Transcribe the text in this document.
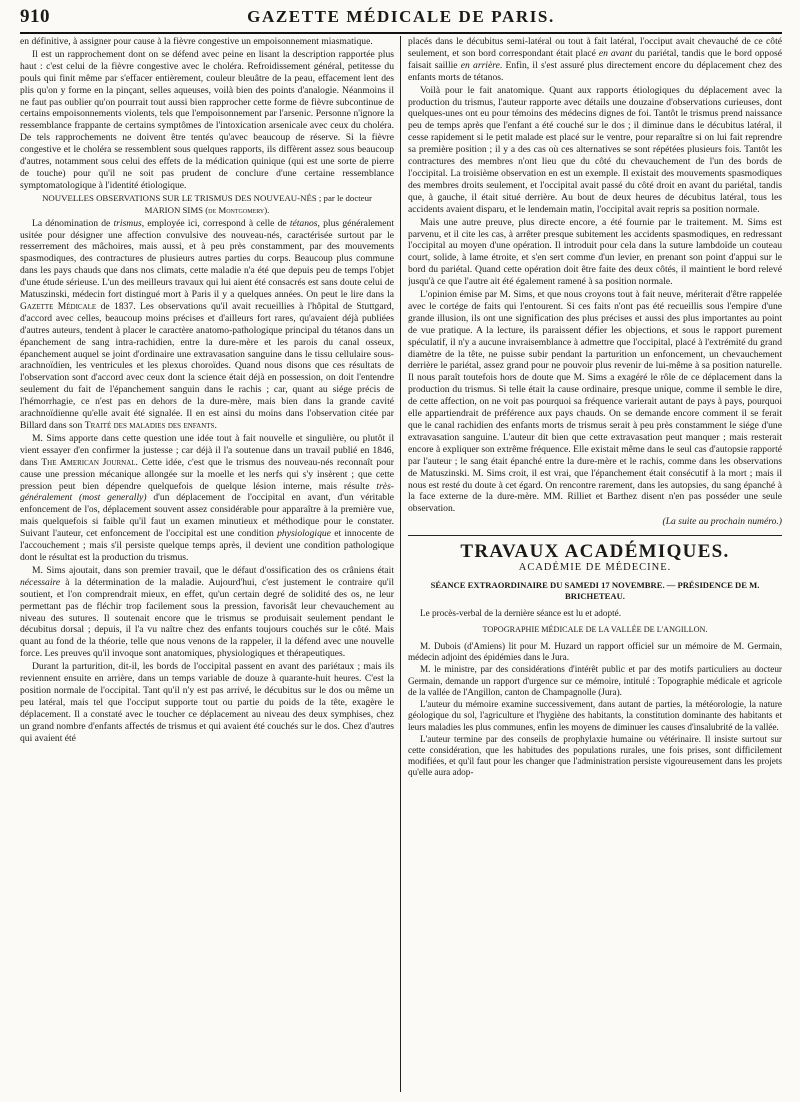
910	GAZETTE MÉDICALE DE PARIS.

en définitive, à assigner pour cause à la fièvre congestive un empoisonnement miasmatique.

Il est un rapprochement dont on se défend avec peine en lisant la description rapportée plus haut : c'est celui de la fièvre congestive avec le choléra. Refroidissement général, petitesse du pouls qui finit même par s'effacer entièrement, couleur bleuâtre de la peau, effacement lent des plis qu'on y forme en la pinçant, selles aqueuses, voilà bien des points d'analogie. Néanmoins il ne faut pas oublier qu'on pourrait tout aussi bien rapprocher cette forme de fièvre subcontinue de certains empoisonnements violents, tels que l'empoisonnement par l'arsenic. Personne n'ignore la ressemblance frappante de certains symptômes de l'intoxication arsenicale avec ceux du choléra. De tels rapprochements ne doivent être tentés qu'avec beaucoup de réserve. Si la fièvre congestive et le choléra se ressemblent sous quelques rapports, ils diffèrent assez sous beaucoup d'autres, notamment sous celui des effets de la médication quinique (qui est une sorte de pierre de touche) pour qu'il ne soit pas prudent de conclure d'une certaine ressemblance symptomatologique à l'identité étiologique.

NOUVELLES OBSERVATIONS SUR LE TRISMUS DES NOUVEAU-NÉS ; par le docteur
MARION SIMS (de Montgomery).

La dénomination de trismus, employée ici, correspond à celle de tétanos, plus généralement usitée pour désigner une affection convulsive des nouveau-nés, caractérisée surtout par le resserrement des mâchoires, mais aussi, et à peu près constamment, par des mouvements spasmodiques, des contractures de plusieurs autres parties du corps. Beaucoup plus commune dans les pays chauds que dans nos climats, cette maladie n'a été que depuis peu de temps l'objet d'une étude sérieuse. L'un des meilleurs travaux qui lui aient été consacrés est sans doute celui de Matuszinski, médecin fort distingué mort à Paris il y a quelques années. On peut le lire dans la Gazette Médicale de 1837. Les observations qu'il avait recueillies à l'hôpital de Stuttgard, d'accord avec celles, beaucoup moins précises et d'ailleurs fort rares, qu'avaient déjà publiées d'autres auteurs, tendent à placer le caractère anatomo-pathologique principal du tétanos dans un épanchement de sang intra-rachidien, entre la dure-mère et les parois du canal osseux, épanchement auquel se joint d'ordinaire une extravasation sanguine dans le tissu cellulaire sous-arachnoïdien, les ventricules et les plexus choroïdes. Quand nous disons que ces résultats de l'observation sont d'accord avec ceux dont la science était déjà en possession, on doit l'entendre seulement du fait de l'épanchement sanguin dans le rachis ; car, quant au siége précis de l'hémorrhagie, ce n'est pas en dehors de la dure-mère, mais bien dans la grande cavité arachnoïdienne qu'elle avait été signalée. Il en est ainsi du moins dans l'observation citée par Billard dans son Traité des maladies des enfants.

M. Sims apporte dans cette question une idée tout à fait nouvelle et singulière, ou plutôt il vient essayer d'en confirmer la justesse ; car déjà il l'a soutenue dans un travail publié en 1846, dans The American Journal. Cette idée, c'est que le trismus des nouveau-nés reconnaît pour cause une pression mécanique allongée sur la moelle et les nerfs qui s'y insèrent ; que cette pression peut bien dépendre quelquefois de quelque lésion interne, mais résulte très-généralement (most generally) d'un déplacement de l'occipital en avant, d'un véritable enfoncement de l'os, déplacement souvent assez considérable pour apparaître à la première vue, mais quelquefois si faible qu'il faut un examen minutieux et méthodique pour le constater. Suivant l'auteur, cet enfoncement de l'occipital est une condition physiologique et innocente de l'accouchement ; mais s'il persiste quelque temps après, il devient une condition pathologique dont le résultat est la production du trismus.

M. Sims ajoutait, dans son premier travail, que le défaut d'ossification des os crâniens était nécessaire à la détermination de la maladie. Aujourd'hui, c'est justement le contraire qu'il soutient, et l'on comprendrait mieux, en effet, qu'un certain degré de solidité des os, ne leur permettant pas de fléchir trop facilement sous la pression, favorisât leur chevauchement au niveau des sutures. Il soutenait encore que le trismus se produisait seulement pendant le décubitus dorsal ; depuis, il l'a vu naître chez des enfants toujours couchés sur le côté. Mais quant au fond de la théorie, telle que nous venons de la rappeler, il la défend avec une nouvelle force. Les preuves qu'il invoque sont anatomiques, physiologiques et thérapeutiques.

Durant la parturition, dit-il, les bords de l'occipital passent en avant des pariétaux ; mais ils reviennent ensuite en arrière, dans un temps variable de douze à quarante-huit heures. C'est la position normale de l'occipital. Tant qu'il n'y est pas arrivé, le décubitus sur le dos ou même un peu latéral, mais tel que l'occiput supporte tout ou partie du poids de la tête, exagère le déplacement. Il a constaté avec le toucher ce déplacement au niveau des deux symphises, chez un grand nombre d'enfants affectés de trismus et qui avaient été couchés sur le dos. Chez d'autres qui avaient été

placés dans le décubitus semi-latéral ou tout à fait latéral, l'occiput avait chevauché de ce côté seulement, et son bord correspondant était placé en avant du pariétal, tandis que le bord opposé faisait saillie en arrière. Enfin, il s'est assuré plus directement encore du déplacement chez des enfants morts de tétanos.

Voilà pour le fait anatomique. Quant aux rapports étiologiques du déplacement avec la production du trismus, l'auteur rapporte avec détails une douzaine d'observations curieuses, dont quelques-unes ont eu pour témoins des médecins dignes de foi. Tantôt le trismus prend naissance peu de temps après que l'enfant a été couché sur le dos ; il diminue dans le décubitus latéral, il cesse rapidement si le petit malade est placé sur le ventre, pour reparaître si on lui fait reprendre sa première position ; il y a des cas où ces alternatives se sont répétées plusieurs fois. Tantôt les contractures des membres n'ont lieu que du côté du chevauchement de l'un des bords de l'occipital. La troisième observation en est un exemple. Il existait des mouvements spasmodiques des membres droits seulement, et l'occipital avait passé du côté droit en avant du pariétal, tandis que, à gauche, il était situé derrière. Au bout de deux heures de décubitus latéral, tous les accidents avaient disparu, et le lendemain matin, l'occipital avait repris sa position normale.

Mais une autre preuve, plus directe encore, a été fournie par le traitement. M. Sims est parvenu, et il cite les cas, à arrêter presque subitement les accidents spasmodiques, en redressant l'occipital au moyen d'une opération. Il introduit pour cela dans la suture lambdoïde un couteau court, solide, à lame étroite, et s'en sert comme d'un levier, en prenant son point d'appui sur le bord du pariétal. Quand cette opération doit être faite des deux côtés, il maintient le bord relevé jusqu'à ce que l'autre ait été également ramené à sa position normale.

L'opinion émise par M. Sims, et que nous croyons tout à fait neuve, mériterait d'être rappelée avec le cortége de faits qui l'entourent. Si ces faits n'ont pas été recueillis sous l'empire d'une grande illusion, ils ont une signification des plus précises et aussi des plus importantes au point de vue pratique. A la lecture, ils paraissent défier les objections, et sous le rapport purement spéculatif, il n'y a aucune invraisemblance à admettre que l'occipital, placé à l'extrémité du grand diamètre de la tête, ne puisse subir pendant la parturition un enfoncement, un chevauchement derrière le pariétal, assez grand pour ne pouvoir plus revenir de lui-même à sa position naturelle. Il nous paraît toutefois hors de doute que M. Sims a exagéré le rôle de ce déplacement dans la production du trismus. Si telle était la cause ordinaire, presque unique, comme il semble le dire, de cette affection, on ne voit pas pourquoi sa fréquence varierait autant de pays à pays, pourquoi elle appartiendrait de préférence aux pays chauds. On se demande encore comment il se ferait que le canal rachidien des enfants morts de trismus serait à peu près constamment le siége d'une extravasation sanguine. L'auteur dit bien que cette extravasation peut manquer ; mais resterait encore à expliquer son extrême fréquence. Elle existait même dans le seul cas d'autopsie rapporté par l'auteur ; le sang était épanché entre la dure-mère et le rachis, comme dans les observations de Matuszinski. M. Sims croit, il est vrai, que l'épanchement était consécutif à la mort ; mais il nous est resté du doute à cet égard. On rencontre rarement, dans les autopsies, du sang épanché à la face externe de la dure-mère. MM. Rilliet et Barthez disent n'en pas posséder une seule observation.

(La suite au prochain numéro.)

TRAVAUX ACADÉMIQUES.
ACADÉMIE DE MÉDECINE.
SÉANCE EXTRAORDINAIRE DU SAMEDI 17 NOVEMBRE. — PRÉSIDENCE DE M. BRICHETEAU.

Le procès-verbal de la dernière séance est lu et adopté.

TOPOGRAPHIE MÉDICALE DE LA VALLÉE DE L'ANGILLON.

M. Dubois (d'Amiens) lit pour M. Huzard un rapport officiel sur un mémoire de M. Germain, médecin adjoint des épidémies dans le Jura.

M. le ministre, par des considérations d'intérêt public et par des motifs particuliers au docteur Germain, demande un rapport d'urgence sur ce mémoire, intitulé : Topographie médicale et agricole de la vallée de l'Angillon, canton de Champagnolle (Jura).

L'auteur du mémoire examine successivement, dans autant de parties, la météorologie, la nature géologique du sol, l'agriculture et l'hygiène des habitants, la constitution dominante des habitants et leurs maladies les plus communes, enfin les moyens de diminuer les causes d'insalubrité de la vallée.

L'auteur termine par des conseils de prophylaxie humaine ou vétérinaire. Il insiste surtout sur cette considération, que les habitudes des populations rurales, une fois prises, sont difficilement modifiées, et qu'il faut pour les changer que l'administration persiste vigoureusement dans les projets qu'elle aura adop-
